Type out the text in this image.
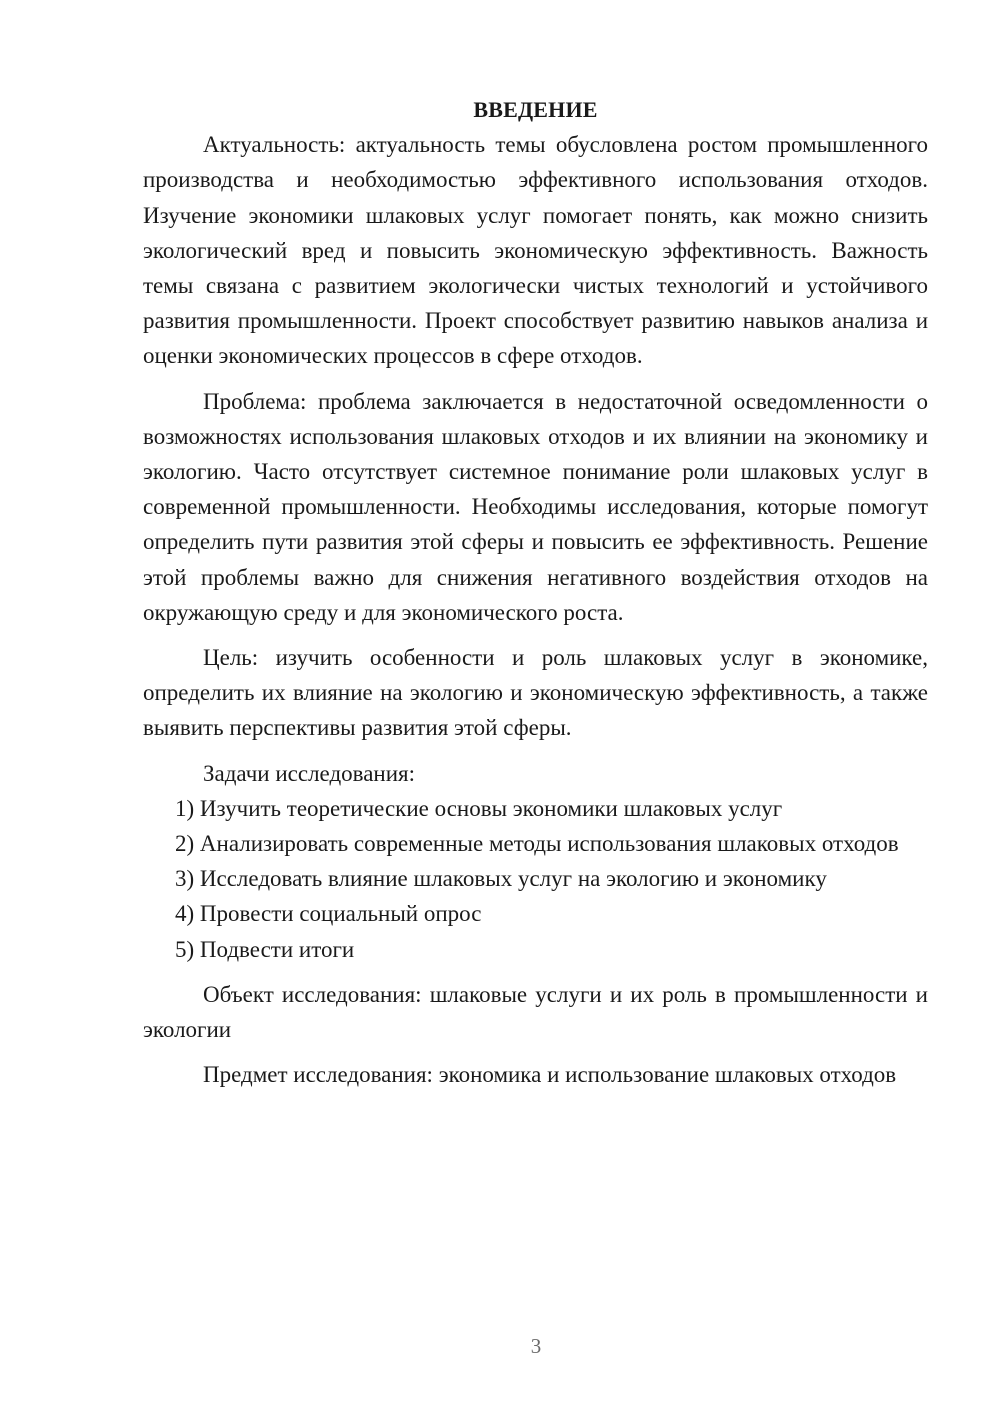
ВВЕДЕНИЕ

Актуальность: актуальность темы обусловлена ростом промышленного производства и необходимостью эффективного использования отходов. Изучение экономики шлаковых услуг помогает понять, как можно снизить экологический вред и повысить экономическую эффективность. Важность темы связана с развитием экологически чистых технологий и устойчивого развития промышленности. Проект способствует развитию навыков анализа и оценки экономических процессов в сфере отходов.

Проблема: проблема заключается в недостаточной осведомленности о возможностях использования шлаковых отходов и их влиянии на экономику и экологию. Часто отсутствует системное понимание роли шлаковых услуг в современной промышленности. Необходимы исследования, которые помогут определить пути развития этой сферы и повысить ее эффективность. Решение этой проблемы важно для снижения негативного воздействия отходов на окружающую среду и для экономического роста.

Цель: изучить особенности и роль шлаковых услуг в экономике, определить их влияние на экологию и экономическую эффективность, а также выявить перспективы развития этой сферы.

Задачи исследования:

1) Изучить теоретические основы экономики шлаковых услуг

2) Анализировать современные методы использования шлаковых отходов

3) Исследовать влияние шлаковых услуг на экологию и экономику

4) Провести социальный опрос

5) Подвести итоги

Объект исследования: шлаковые услуги и их роль в промышленности и экологии

Предмет исследования: экономика и использование шлаковых отходов

3
